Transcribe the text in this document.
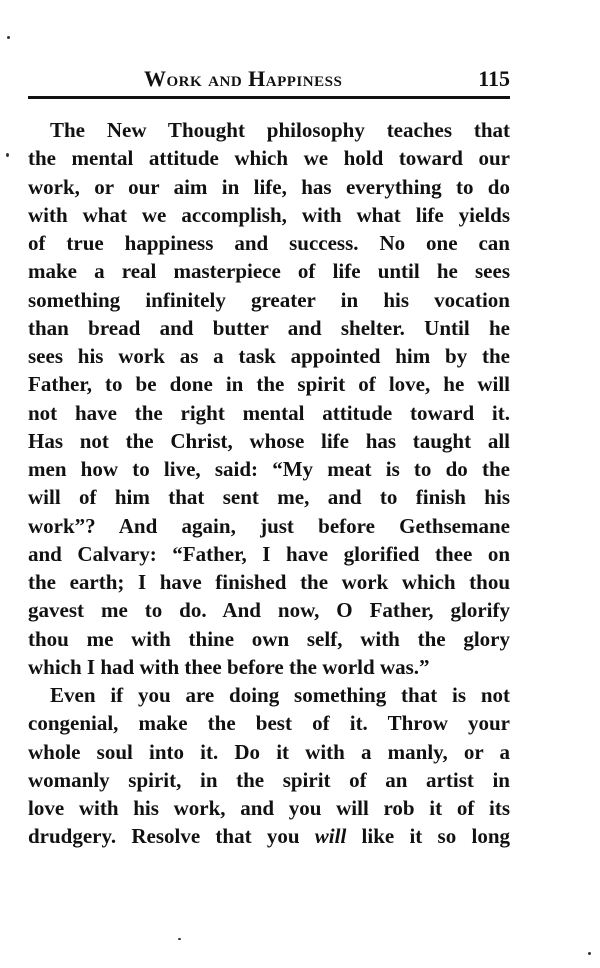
Work and Happiness	115
The New Thought philosophy teaches that
the mental attitude which we hold toward our
work, or our aim in life, has everything to do
with what we accomplish, with what life yields
of true happiness and success. No one can
make a real masterpiece of life until he sees
something infinitely greater in his vocation
than bread and butter and shelter. Until he
sees his work as a task appointed him by the
Father, to be done in the spirit of love, he will
not have the right mental attitude toward it.
Has not the Christ, whose life has taught all
men how to live, said: “My meat is to do the
will of him that sent me, and to finish his
work”? And again, just before Gethsemane
and Calvary: “Father, I have glorified thee on
the earth; I have finished the work which thou
gavest me to do. And now, O Father, glorify
thou me with thine own self, with the glory
which I had with thee before the world was.”
Even if you are doing something that is not
congenial, make the best of it. Throw your
whole soul into it. Do it with a manly, or a
womanly spirit, in the spirit of an artist in
love with his work, and you will rob it of its
drudgery. Resolve that you will like it so long
